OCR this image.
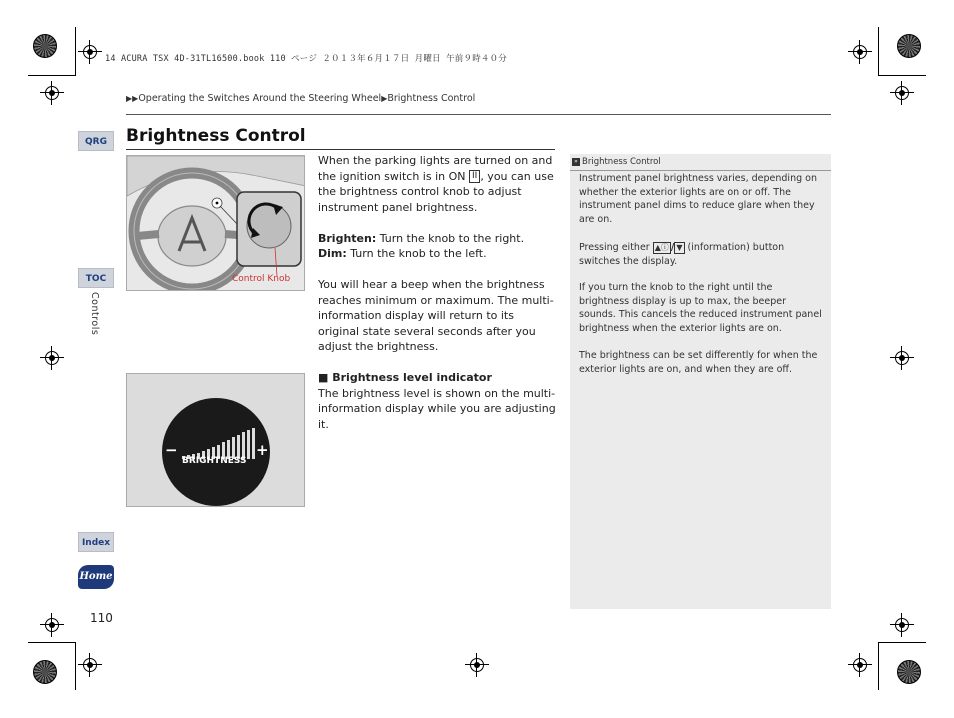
14 ACURA TSX 4D-31TL16500.book 110 ページ ２０１３年６月１７日 月曜日 午前９時４０分
▶▶Operating the Switches Around the Steering Wheel▶Brightness Control
QRG
TOC
Controls
Index
Home
110
Brightness Control
Control Knob
−	+
BRIGHTNESS

When the parking lights are turned on and the ignition switch is in ON II , you can use the brightness control knob to adjust instrument panel brightness.

Brighten: Turn the knob to the right.
Dim: Turn the knob to the left.

You will hear a beep when the brightness reaches minimum or maximum. The multi-information display will return to its original state several seconds after you adjust the brightness.

■ Brightness level indicator
The brightness level is shown on the multi-information display while you are adjusting it.
» Brightness Control
Instrument panel brightness varies, depending on whether the exterior lights are on or off. The instrument panel dims to reduce glare when they are on.
Pressing either ▲ⓘ / ▼ (information) button switches the display.
If you turn the knob to the right until the brightness display is up to max, the beeper sounds. This cancels the reduced instrument panel brightness when the exterior lights are on.
The brightness can be set differently for when the exterior lights are on, and when they are off.
